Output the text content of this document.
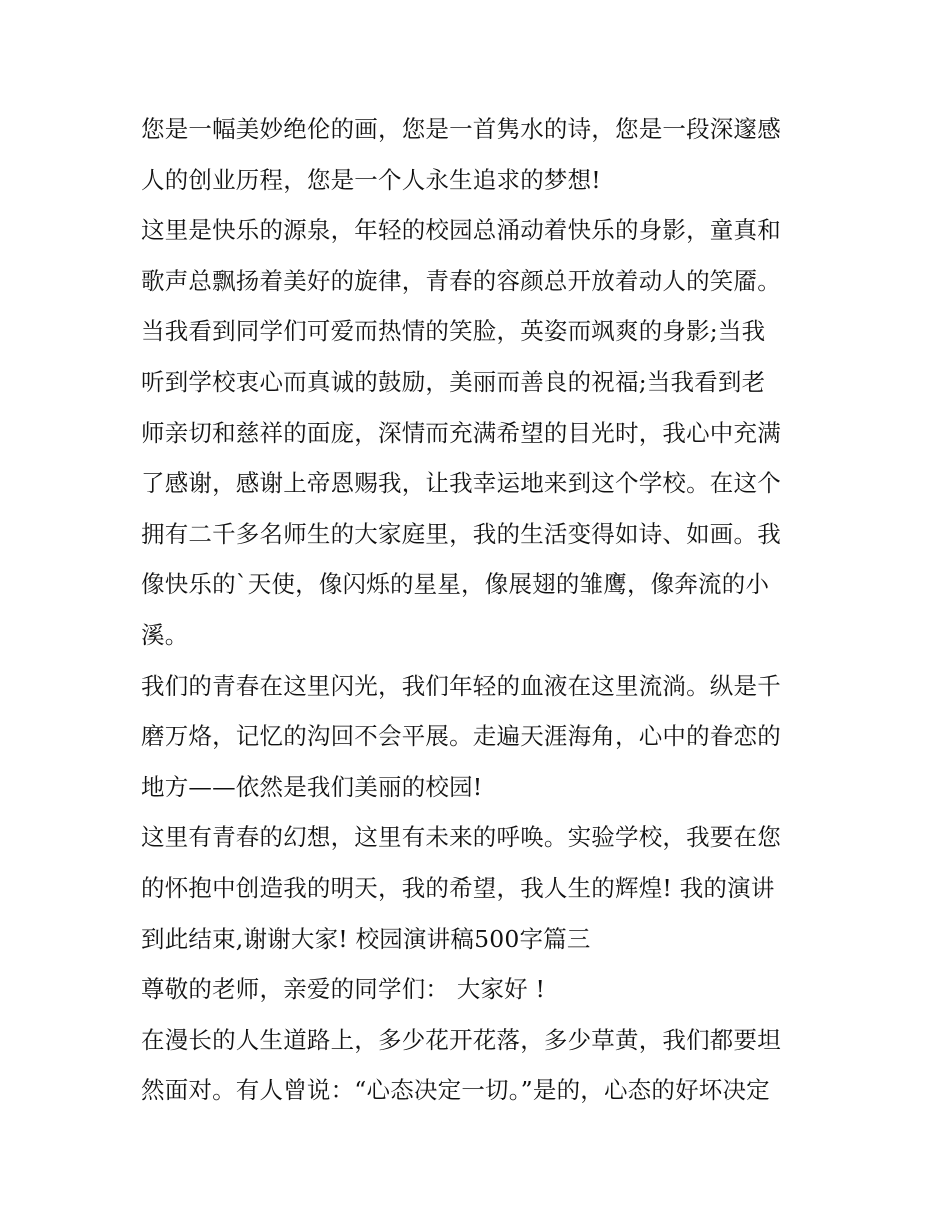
您是一幅美妙绝伦的画，您是一首隽水的诗，您是一段深邃感
人的创业历程，您是一个人永生追求的梦想!
这里是快乐的源泉，年轻的校园总涌动着快乐的身影，童真和
歌声总飘扬着美好的旋律，青春的容颜总开放着动人的笑靥。
当我看到同学们可爱而热情的笑脸，英姿而飒爽的身影;当我
听到学校衷心而真诚的鼓励，美丽而善良的祝福;当我看到老
师亲切和慈祥的面庞，深情而充满希望的目光时，我心中充满
了感谢，感谢上帝恩赐我，让我幸运地来到这个学校。在这个
拥有二千多名师生的大家庭里，我的生活变得如诗、如画。我
像快乐的`天使，像闪烁的星星，像展翅的雏鹰，像奔流的小
溪。
我们的青春在这里闪光，我们年轻的血液在这里流淌。纵是千
磨万烙，记忆的沟回不会平展。走遍天涯海角，心中的眷恋的
地方——依然是我们美丽的校园!
这里有青春的幻想，这里有未来的呼唤。实验学校，我要在您
的怀抱中创造我的明天，我的希望，我人生的辉煌! 我的演讲
到此结束,谢谢大家! 校园演讲稿500字篇三
尊敬的老师，亲爱的同学们： 大家好 !
在漫长的人生道路上，多少花开花落，多少草黄，我们都要坦
然面对。有人曾说：“心态决定一切。”是的，心态的好坏决定
